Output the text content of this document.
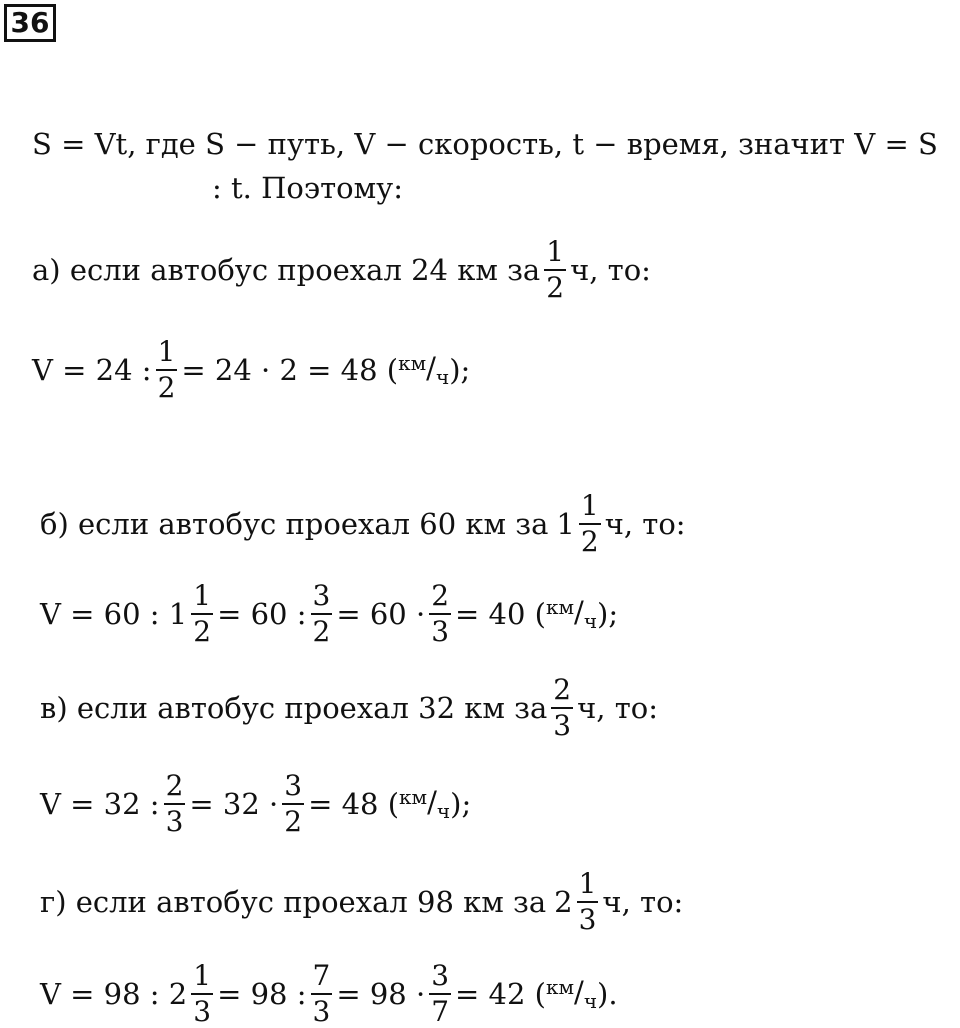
36
S = Vt, где S − путь, V − скорость, t − время, значит V = S
: t. Поэтому:
а) если автобус проехал 24 км за $\frac{1}{2} ч$, то:
V = 24 : $\frac{1}{2} = 24 \cdot 2 = 48$ ( $^{км}/_ч$ );
б) если автобус проехал 60 км за $1 \frac{1}{2} ч$, то:
V = 60 : $1 \frac{1}{2} = 60$ : $\frac{3}{2} = 60 \cdot \frac{2}{3} = 40$ ( $^{км}/_ч$ );
в) если автобус проехал 32 км за $\frac{2}{3} ч$, то:
V = 32 : $\frac{2}{3} = 32 \cdot \frac{3}{2} = 48$ ( $^{км}/_ч$ );
г) если автобус проехал 98 км за $2 \frac{1}{3} ч$, то:
V = 98 : $2 \frac{1}{3} = 98$ : $\frac{7}{3} = 98 \cdot \frac{3}{7} = 42$ ( $^{км}/_ч$ ).
